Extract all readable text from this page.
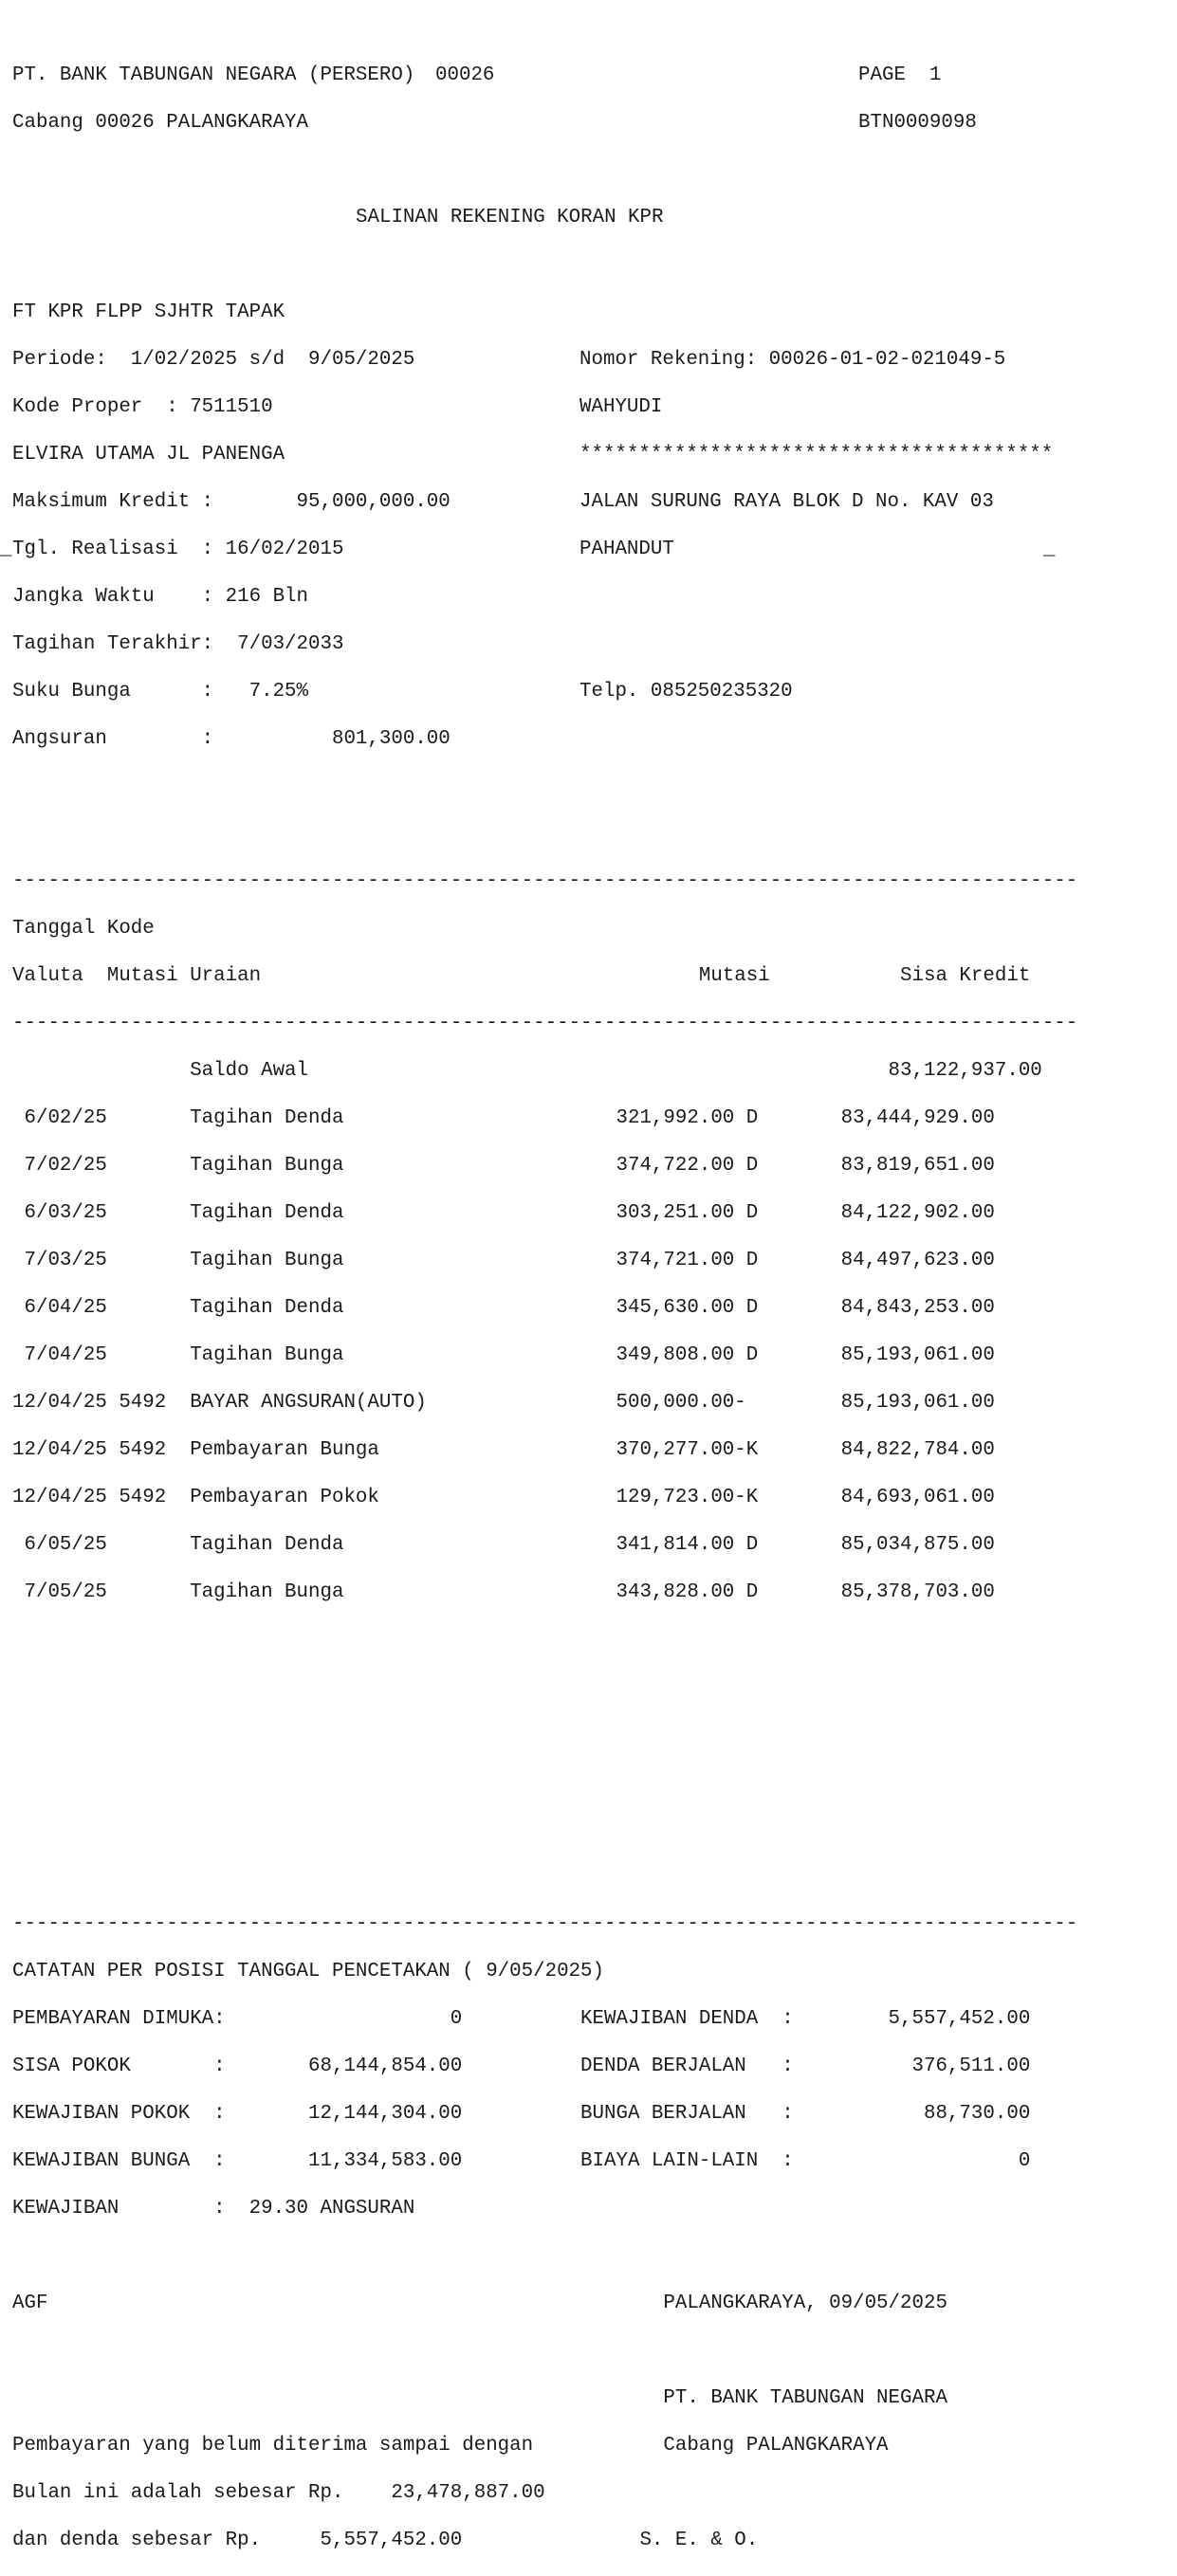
PT. BANK TABUNGAN NEGARA (PERSERO) 00026	PAGE  1

Cabang 00026 PALANGKARAYA	BTN0009098

SALINAN REKENING KORAN KPR

FT KPR FLPP SJHTR TAPAK

Periode:  1/02/2025 s/d  9/05/2025	Nomor Rekening: 00026-01-02-021049-5

Kode Proper  : 7511510	WAHYUDI

ELVIRA UTAMA JL PANENGA	****************************************

Maksimum Kredit :       95,000,000.00	JALAN SURUNG RAYA BLOK D No. KAV 03

Tgl. Realisasi  : 16/02/2015	PAHANDUT

Jangka Waktu    : 216 Bln

Tagihan Terakhir:  7/03/2033

Suku Bunga      :   7.25%	Telp. 085250235320

Angsuran        :          801,300.00

------------------------------------------------------------------------------------------

Tanggal Kode

Valuta  Mutasi Uraian                                     Mutasi           Sisa Kredit

------------------------------------------------------------------------------------------

Saldo Awal                                                 83,122,937.00

6/02/25       Tagihan Denda                       321,992.00 D       83,444,929.00

7/02/25       Tagihan Bunga                       374,722.00 D       83,819,651.00

6/03/25       Tagihan Denda                       303,251.00 D       84,122,902.00

7/03/25       Tagihan Bunga                       374,721.00 D       84,497,623.00

6/04/25       Tagihan Denda                       345,630.00 D       84,843,253.00

7/04/25       Tagihan Bunga                       349,808.00 D       85,193,061.00

12/04/25 5492  BAYAR ANGSURAN(AUTO)                500,000.00-        85,193,061.00

12/04/25 5492  Pembayaran Bunga                    370,277.00-K       84,822,784.00

12/04/25 5492  Pembayaran Pokok                    129,723.00-K       84,693,061.00

6/05/25       Tagihan Denda                       341,814.00 D       85,034,875.00

7/05/25       Tagihan Bunga                       343,828.00 D       85,378,703.00

------------------------------------------------------------------------------------------

CATATAN PER POSISI TANGGAL PENCETAKAN ( 9/05/2025)

PEMBAYARAN DIMUKA:                   0          KEWAJIBAN DENDA  :        5,557,452.00

SISA POKOK       :       68,144,854.00          DENDA BERJALAN   :          376,511.00

KEWAJIBAN POKOK  :       12,144,304.00          BUNGA BERJALAN   :           88,730.00

KEWAJIBAN BUNGA  :       11,334,583.00          BIAYA LAIN-LAIN  :                   0

KEWAJIBAN        :  29.30 ANGSURAN

AGF                                                    PALANGKARAYA, 09/05/2025

PT. BANK TABUNGAN NEGARA

Pembayaran yang belum diterima sampai dengan           Cabang PALANGKARAYA

Bulan ini adalah sebesar Rp.    23,478,887.00

dan denda sebesar Rp.     5,557,452.00               S. E. & O.

_	_
